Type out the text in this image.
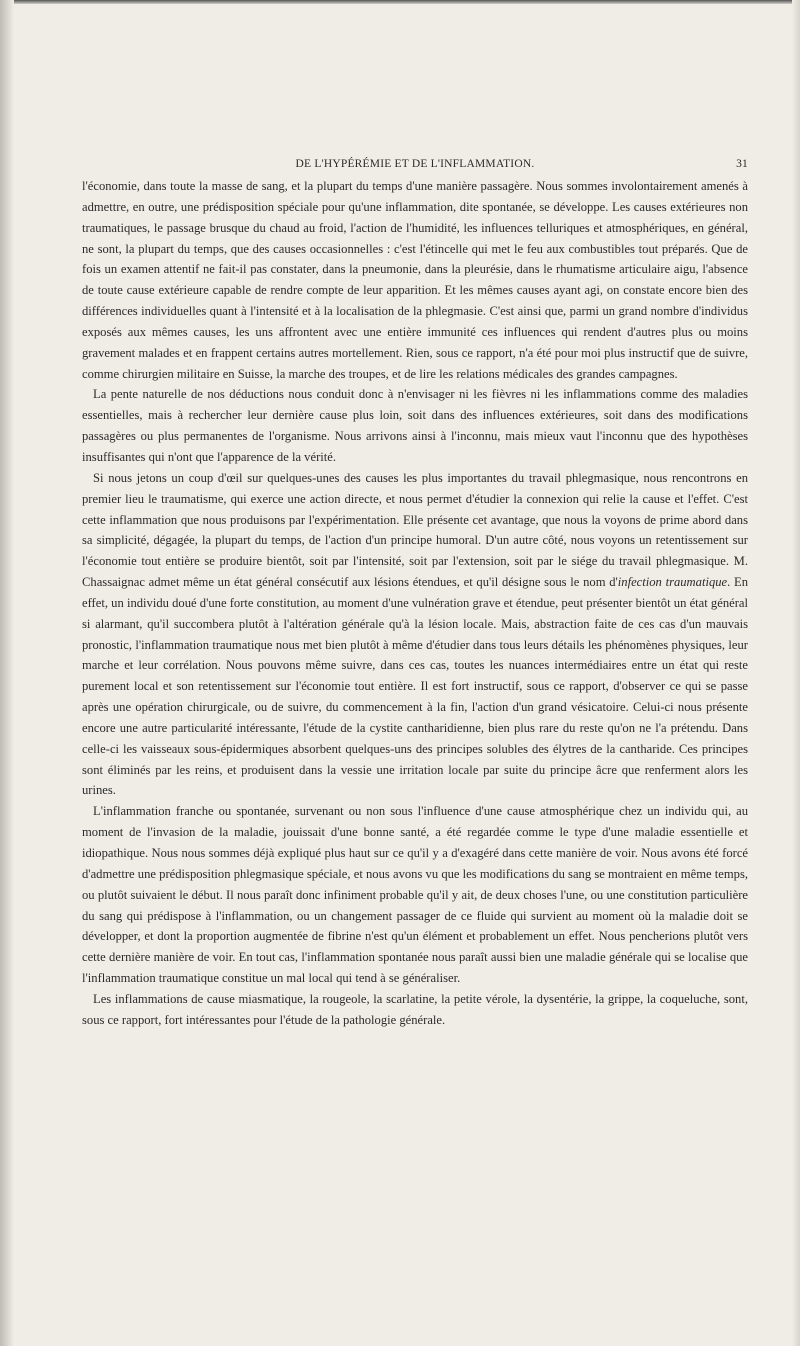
DE L'HYPÉRÉMIE ET DE L'INFLAMMATION.	31

l'économie, dans toute la masse de sang, et la plupart du temps d'une manière passagère. Nous sommes involontairement amenés à admettre, en outre, une prédisposition spéciale pour qu'une inflammation, dite spontanée, se développe. Les causes extérieures non traumatiques, le passage brusque du chaud au froid, l'action de l'humidité, les influences telluriques et atmosphériques, en général, ne sont, la plupart du temps, que des causes occasionnelles : c'est l'étincelle qui met le feu aux combustibles tout préparés. Que de fois un examen attentif ne fait-il pas constater, dans la pneumonie, dans la pleurésie, dans le rhumatisme articulaire aigu, l'absence de toute cause extérieure capable de rendre compte de leur apparition. Et les mêmes causes ayant agi, on constate encore bien des différences individuelles quant à l'intensité et à la localisation de la phlegmasie. C'est ainsi que, parmi un grand nombre d'individus exposés aux mêmes causes, les uns affrontent avec une entière immunité ces influences qui rendent d'autres plus ou moins gravement malades et en frappent certains autres mortellement. Rien, sous ce rapport, n'a été pour moi plus instructif que de suivre, comme chirurgien militaire en Suisse, la marche des troupes, et de lire les relations médicales des grandes campagnes.

La pente naturelle de nos déductions nous conduit donc à n'envisager ni les fièvres ni les inflammations comme des maladies essentielles, mais à rechercher leur dernière cause plus loin, soit dans des influences extérieures, soit dans des modifications passagères ou plus permanentes de l'organisme. Nous arrivons ainsi à l'inconnu, mais mieux vaut l'inconnu que des hypothèses insuffisantes qui n'ont que l'apparence de la vérité.

Si nous jetons un coup d'œil sur quelques-unes des causes les plus importantes du travail phlegmasique, nous rencontrons en premier lieu le traumatisme, qui exerce une action directe, et nous permet d'étudier la connexion qui relie la cause et l'effet. C'est cette inflammation que nous produisons par l'expérimentation. Elle présente cet avantage, que nous la voyons de prime abord dans sa simplicité, dégagée, la plupart du temps, de l'action d'un principe humoral. D'un autre côté, nous voyons un retentissement sur l'économie tout entière se produire bientôt, soit par l'intensité, soit par l'extension, soit par le siége du travail phlegmasique. M. Chassaignac admet même un état général consécutif aux lésions étendues, et qu'il désigne sous le nom d'infection traumatique. En effet, un individu doué d'une forte constitution, au moment d'une vulnération grave et étendue, peut présenter bientôt un état général si alarmant, qu'il succombera plutôt à l'altération générale qu'à la lésion locale. Mais, abstraction faite de ces cas d'un mauvais pronostic, l'inflammation traumatique nous met bien plutôt à même d'étudier dans tous leurs détails les phénomènes physiques, leur marche et leur corrélation. Nous pouvons même suivre, dans ces cas, toutes les nuances intermédiaires entre un état qui reste purement local et son retentissement sur l'économie tout entière. Il est fort instructif, sous ce rapport, d'observer ce qui se passe après une opération chirurgicale, ou de suivre, du commencement à la fin, l'action d'un grand vésicatoire. Celui-ci nous présente encore une autre particularité intéressante, l'étude de la cystite cantharidienne, bien plus rare du reste qu'on ne l'a prétendu. Dans celle-ci les vaisseaux sous-épidermiques absorbent quelques-uns des principes solubles des élytres de la cantharide. Ces principes sont éliminés par les reins, et produisent dans la vessie une irritation locale par suite du principe âcre que renferment alors les urines.

L'inflammation franche ou spontanée, survenant ou non sous l'influence d'une cause atmosphérique chez un individu qui, au moment de l'invasion de la maladie, jouissait d'une bonne santé, a été regardée comme le type d'une maladie essentielle et idiopathique. Nous nous sommes déjà expliqué plus haut sur ce qu'il y a d'exagéré dans cette manière de voir. Nous avons été forcé d'admettre une prédisposition phlegmasique spéciale, et nous avons vu que les modifications du sang se montraient en même temps, ou plutôt suivaient le début. Il nous paraît donc infiniment probable qu'il y ait, de deux choses l'une, ou une constitution particulière du sang qui prédispose à l'inflammation, ou un changement passager de ce fluide qui survient au moment où la maladie doit se développer, et dont la proportion augmentée de fibrine n'est qu'un élément et probablement un effet. Nous pencherions plutôt vers cette dernière manière de voir. En tout cas, l'inflammation spontanée nous paraît aussi bien une maladie générale qui se localise que l'inflammation traumatique constitue un mal local qui tend à se généraliser.

Les inflammations de cause miasmatique, la rougeole, la scarlatine, la petite vérole, la dysentérie, la grippe, la coqueluche, sont, sous ce rapport, fort intéressantes pour l'étude de la pathologie générale.
